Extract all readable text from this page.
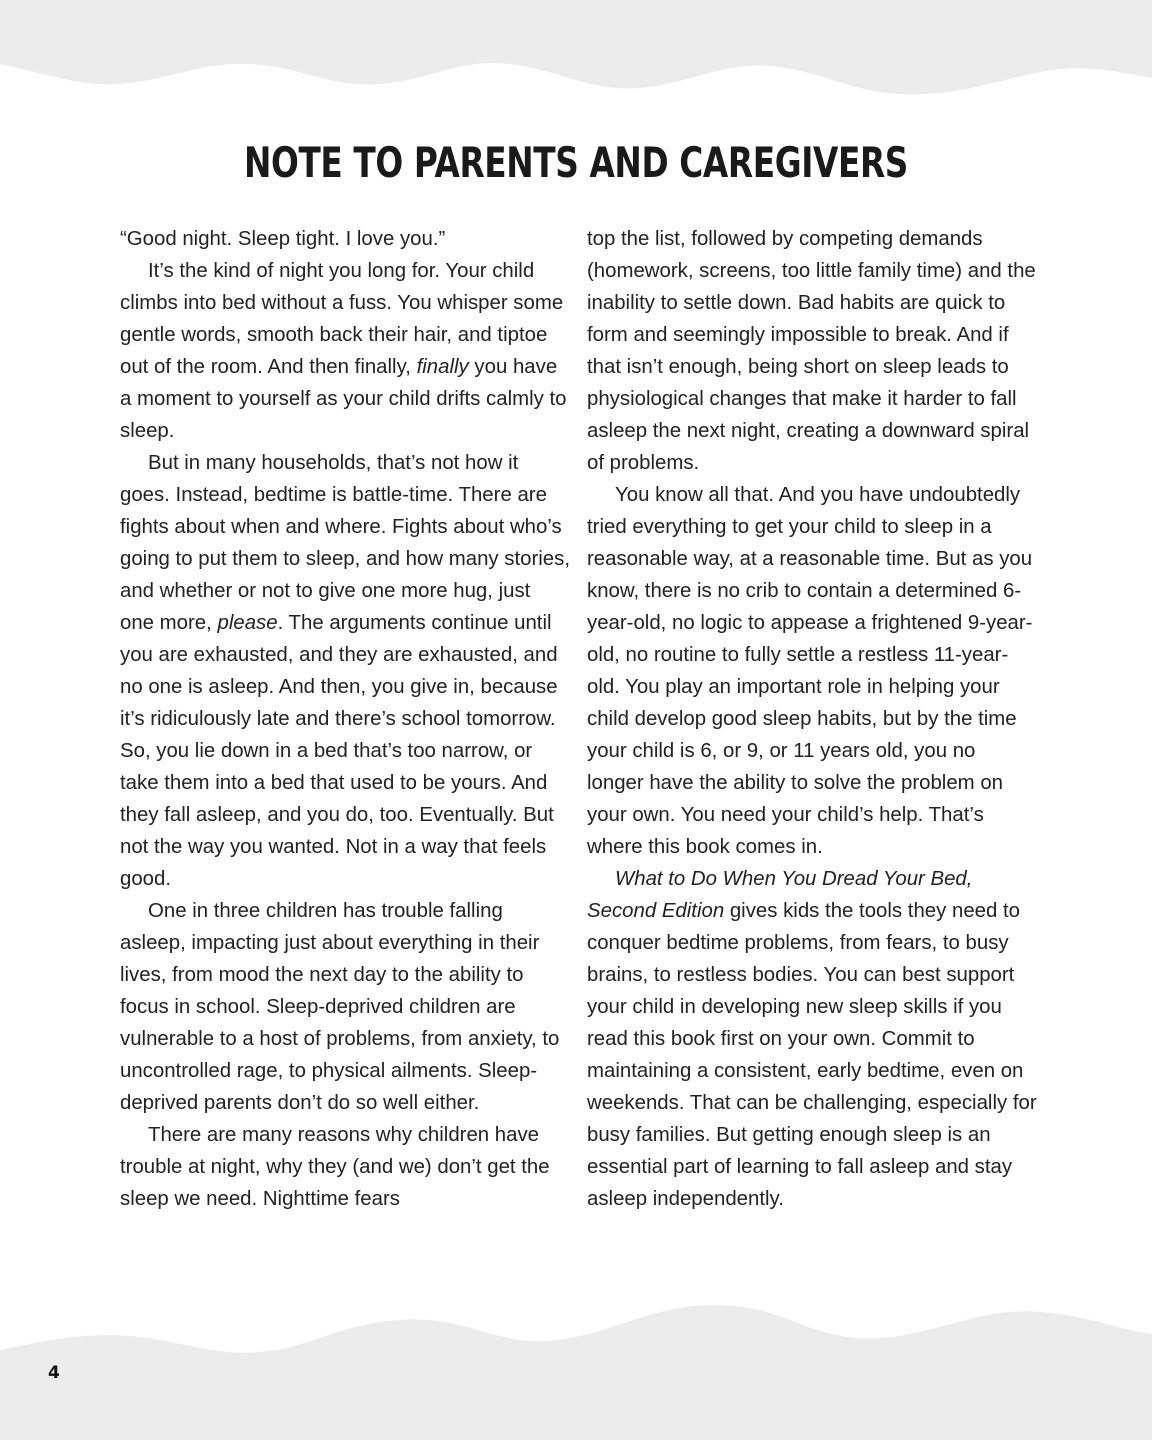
NOTE TO PARENTS AND CAREGIVERS

“Good night. Sleep tight. I love you.”

It’s the kind of night you long for. Your child climbs into bed without a fuss. You whisper some gentle words, smooth back their hair, and tiptoe out of the room. And then finally, finally you have a moment to yourself as your child drifts calmly to sleep.

But in many households, that’s not how it goes. Instead, bedtime is battle-time. There are fights about when and where. Fights about who’s going to put them to sleep, and how many stories, and whether or not to give one more hug, just one more, please. The arguments continue until you are exhausted, and they are exhausted, and no one is asleep. And then, you give in, because it’s ridiculously late and there’s school tomorrow. So, you lie down in a bed that’s too narrow, or take them into a bed that used to be yours. And they fall asleep, and you do, too. Eventually. But not the way you wanted. Not in a way that feels good.

One in three children has trouble falling asleep, impacting just about everything in their lives, from mood the next day to the ability to focus in school. Sleep-deprived children are vulnerable to a host of problems, from anxiety, to uncontrolled rage, to physical ailments. Sleep-deprived parents don’t do so well either.

There are many reasons why children have trouble at night, why they (and we) don’t get the sleep we need. Nighttime fears

top the list, followed by competing demands (homework, screens, too little family time) and the inability to settle down. Bad habits are quick to form and seemingly impossible to break. And if that isn’t enough, being short on sleep leads to physiological changes that make it harder to fall asleep the next night, creating a downward spiral of problems.

You know all that. And you have undoubtedly tried everything to get your child to sleep in a reasonable way, at a reasonable time. But as you know, there is no crib to contain a determined 6-year-old, no logic to appease a frightened 9-year-old, no routine to fully settle a restless 11-year-old. You play an important role in helping your child develop good sleep habits, but by the time your child is 6, or 9, or 11 years old, you no longer have the ability to solve the problem on your own. You need your child’s help. That’s where this book comes in.

What to Do When You Dread Your Bed, Second Edition gives kids the tools they need to conquer bedtime problems, from fears, to busy brains, to restless bodies. You can best support your child in developing new sleep skills if you read this book first on your own. Commit to maintaining a consistent, early bedtime, even on weekends. That can be challenging, especially for busy families. But getting enough sleep is an essential part of learning to fall asleep and stay asleep independently.

4
